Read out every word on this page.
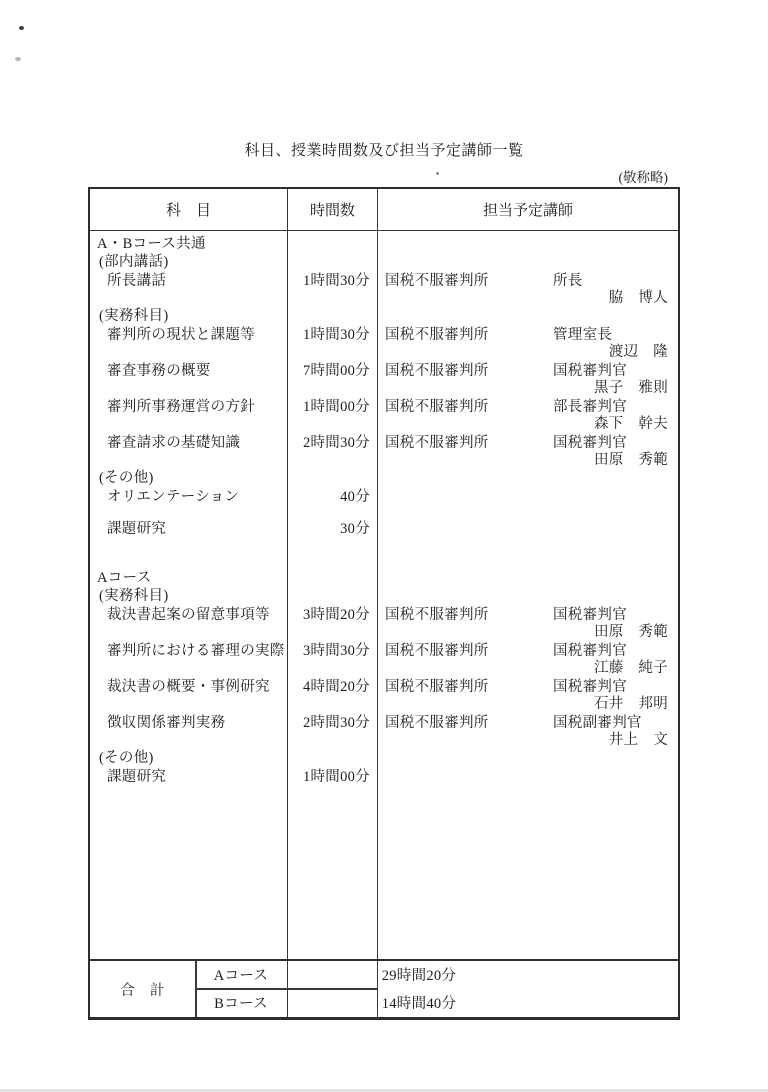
科目、授業時間数及び担当予定講師一覧
(敬称略)
科　目	時間数	担当予定講師
A・Bコース共通
(部内講話)
所長講話	1時間30分	国税不服審判所	所長
脇　博人
(実務科目)
審判所の現状と課題等	1時間30分	国税不服審判所	管理室長
渡辺　隆
審査事務の概要	7時間00分	国税不服審判所	国税審判官
黒子　雅則
審判所事務運営の方針	1時間00分	国税不服審判所	部長審判官
森下　幹夫
審査請求の基礎知識	2時間30分	国税不服審判所	国税審判官
田原　秀範
(その他)
オリエンテーション	40分
課題研究	30分
Aコース
(実務科目)
裁決書起案の留意事項等	3時間20分	国税不服審判所	国税審判官
田原　秀範
審判所における審理の実際	3時間30分	国税不服審判所	国税審判官
江藤　純子
裁決書の概要・事例研究	4時間20分	国税不服審判所	国税審判官
石井　邦明
徴収関係審判実務	2時間30分	国税不服審判所	国税副審判官
井上　文
(その他)
課題研究	1時間00分
合　計
Aコース	29時間20分
Bコース	14時間40分
